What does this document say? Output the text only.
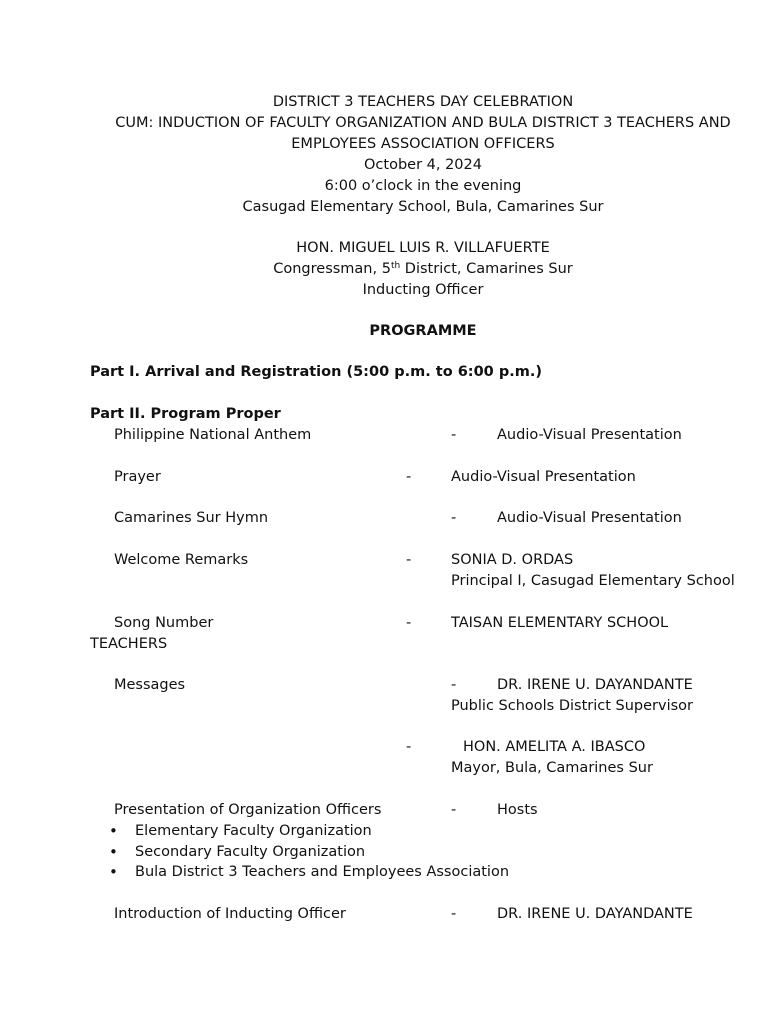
DISTRICT 3 TEACHERS DAY CELEBRATION
CUM: INDUCTION OF FACULTY ORGANIZATION AND BULA DISTRICT 3 TEACHERS AND
EMPLOYEES ASSOCIATION OFFICERS
October 4, 2024
6:00 o’clock in the evening
Casugad Elementary School, Bula, Camarines Sur
HON. MIGUEL LUIS R. VILLAFUERTE
Congressman, 5th District, Camarines Sur
Inducting Officer
PROGRAMME
Part I. Arrival and Registration (5:00 p.m. to 6:00 p.m.)
Part II. Program Proper
Philippine National Anthem	-	Audio-Visual Presentation
Prayer	-	Audio-Visual Presentation
Camarines Sur Hymn	-	Audio-Visual Presentation
Welcome Remarks	-	SONIA D. ORDAS
Principal I, Casugad Elementary School
Song Number	-	TAISAN ELEMENTARY SCHOOL
TEACHERS
Messages	-	DR. IRENE U. DAYANDANTE
Public Schools District Supervisor
-	HON. AMELITA A. IBASCO
Mayor, Bula, Camarines Sur
Presentation of Organization Officers	-	Hosts
• Elementary Faculty Organization
• Secondary Faculty Organization
• Bula District 3 Teachers and Employees Association
Introduction of Inducting Officer	-	DR. IRENE U. DAYANDANTE
